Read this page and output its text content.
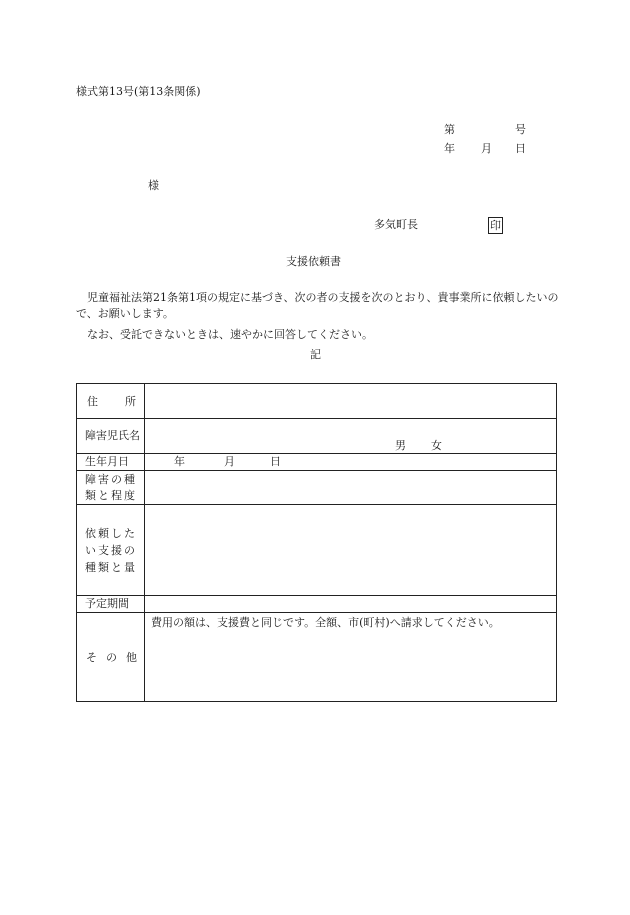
様式第13号(第13条関係)
第	号
年 月 日
様
多気町長	印
支援依頼書
児童福祉法第21条第1項の規定に基づき、次の者の支援を次のとおり、貴事業所に依頼したいので、お願いします。
なお、受託できないときは、速やかに回答してください。
記
住 所	

障害児氏名	男 女

生年月日	年 月 日

障害の種
類と程度	

依頼した
い支援の
種類と量	

予定期間	

そ の 他	費用の額は、支援費と同じです。全額、市(町村)へ請求してください。
